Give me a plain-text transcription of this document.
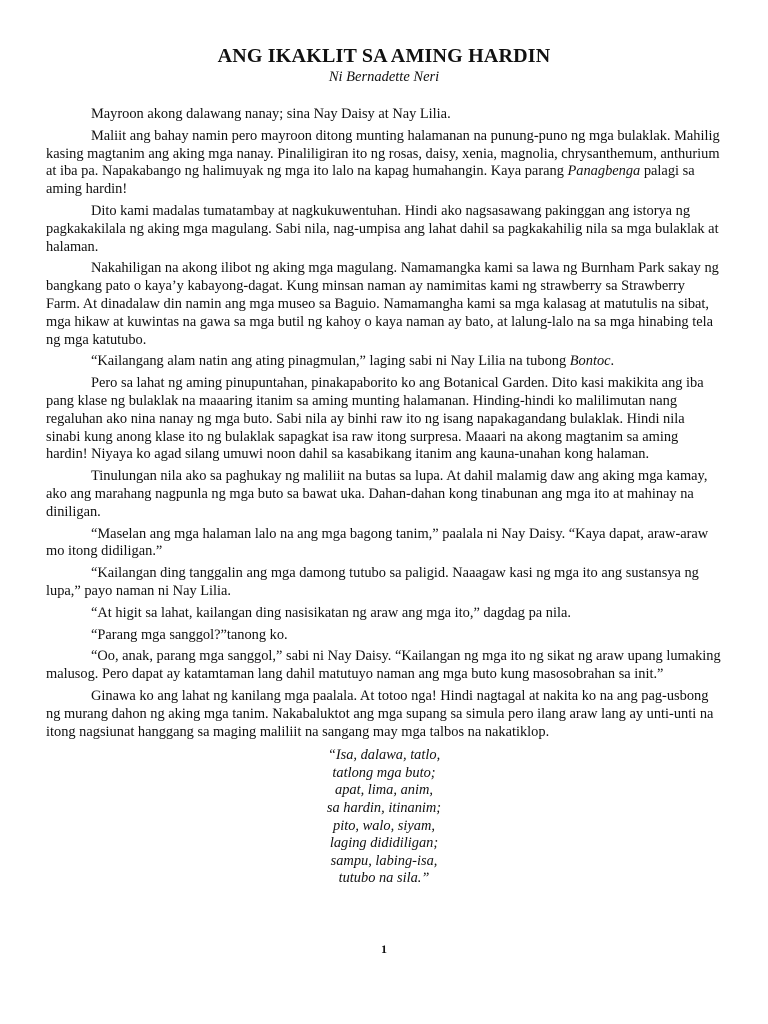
ANG IKAKLIT SA AMING HARDIN
Ni Bernadette Neri

Mayroon akong dalawang nanay; sina Nay Daisy at Nay Lilia.

Maliit ang bahay namin pero mayroon ditong munting halamanan na punung-puno ng mga bulaklak. Mahilig kasing magtanim ang aking mga nanay. Pinaliligiran ito ng rosas, daisy, xenia, magnolia, chrysanthemum, anthurium at iba pa. Napakabango ng halimuyak ng mga ito lalo na kapag humahangin. Kaya parang Panagbenga palagi sa aming hardin!

Dito kami madalas tumatambay at nagkukuwentuhan. Hindi ako nagsasawang pakinggan ang istorya ng pagkakakilala ng aking mga magulang. Sabi nila, nag-umpisa ang lahat dahil sa pagkakahilig nila sa mga bulaklak at halaman.

Nakahiligan na akong ilibot ng aking mga magulang. Namamangka kami sa lawa ng Burnham Park sakay ng bangkang pato o kaya’y kabayong-dagat. Kung minsan naman ay namimitas kami ng strawberry sa Strawberry Farm. At dinadalaw din namin ang mga museo sa Baguio. Namamangha kami sa mga kalasag at matutulis na sibat, mga hikaw at kuwintas na gawa sa mga butil ng kahoy o kaya naman ay bato, at lalung-lalo na sa mga hinabing tela ng mga katutubo.

“Kailangang alam natin ang ating pinagmulan,” laging sabi ni Nay Lilia na tubong Bontoc.

Pero sa lahat ng aming pinupuntahan, pinakapaborito ko ang Botanical Garden. Dito kasi makikita ang iba pang klase ng bulaklak na maaaring itanim sa aming munting halamanan. Hinding-hindi ko malilimutan nang regaluhan ako nina nanay ng mga buto. Sabi nila ay binhi raw ito ng isang napakagandang bulaklak. Hindi nila sinabi kung anong klase ito ng bulaklak sapagkat isa raw itong surpresa. Maaari na akong magtanim sa aming hardin! Niyaya ko agad silang umuwi noon dahil sa kasabikang itanim ang kauna-unahan kong halaman.

Tinulungan nila ako sa paghukay ng maliliit na butas sa lupa. At dahil malamig daw ang aking mga kamay, ako ang marahang nagpunla ng mga buto sa bawat uka. Dahan-dahan kong tinabunan ang mga ito at mahinay na diniligan.

“Maselan ang mga halaman lalo na ang mga bagong tanim,” paalala ni Nay Daisy. “Kaya dapat, araw-araw mo itong didiligan.”

“Kailangan ding tanggalin ang mga damong tutubo sa paligid. Naaagaw kasi ng mga ito ang sustansya ng lupa,” payo naman ni Nay Lilia.

“At higit sa lahat, kailangan ding nasisikatan ng araw ang mga ito,” dagdag pa nila.

“Parang mga sanggol?”tanong ko.

“Oo, anak, parang mga sanggol,” sabi ni Nay Daisy. “Kailangan ng mga ito ng sikat ng araw upang lumaking malusog. Pero dapat ay katamtaman lang dahil matutuyo naman ang mga buto kung masosobrahan sa init.”

Ginawa ko ang lahat ng kanilang mga paalala. At totoo nga! Hindi nagtagal at nakita ko na ang pag-usbong ng murang dahon ng aking mga tanim. Nakabaluktot ang mga supang sa simula pero ilang araw lang ay unti-unti na itong nagsiunat hanggang sa maging maliliit na sangang may mga talbos na nakatiklop.

“Isa, dalawa, tatlo,
tatlong mga buto;
apat, lima, anim,
sa hardin, itinanim;
pito, walo, siyam,
laging dididiligan;
sampu, labing-isa,
tutubo na sila.”
1
